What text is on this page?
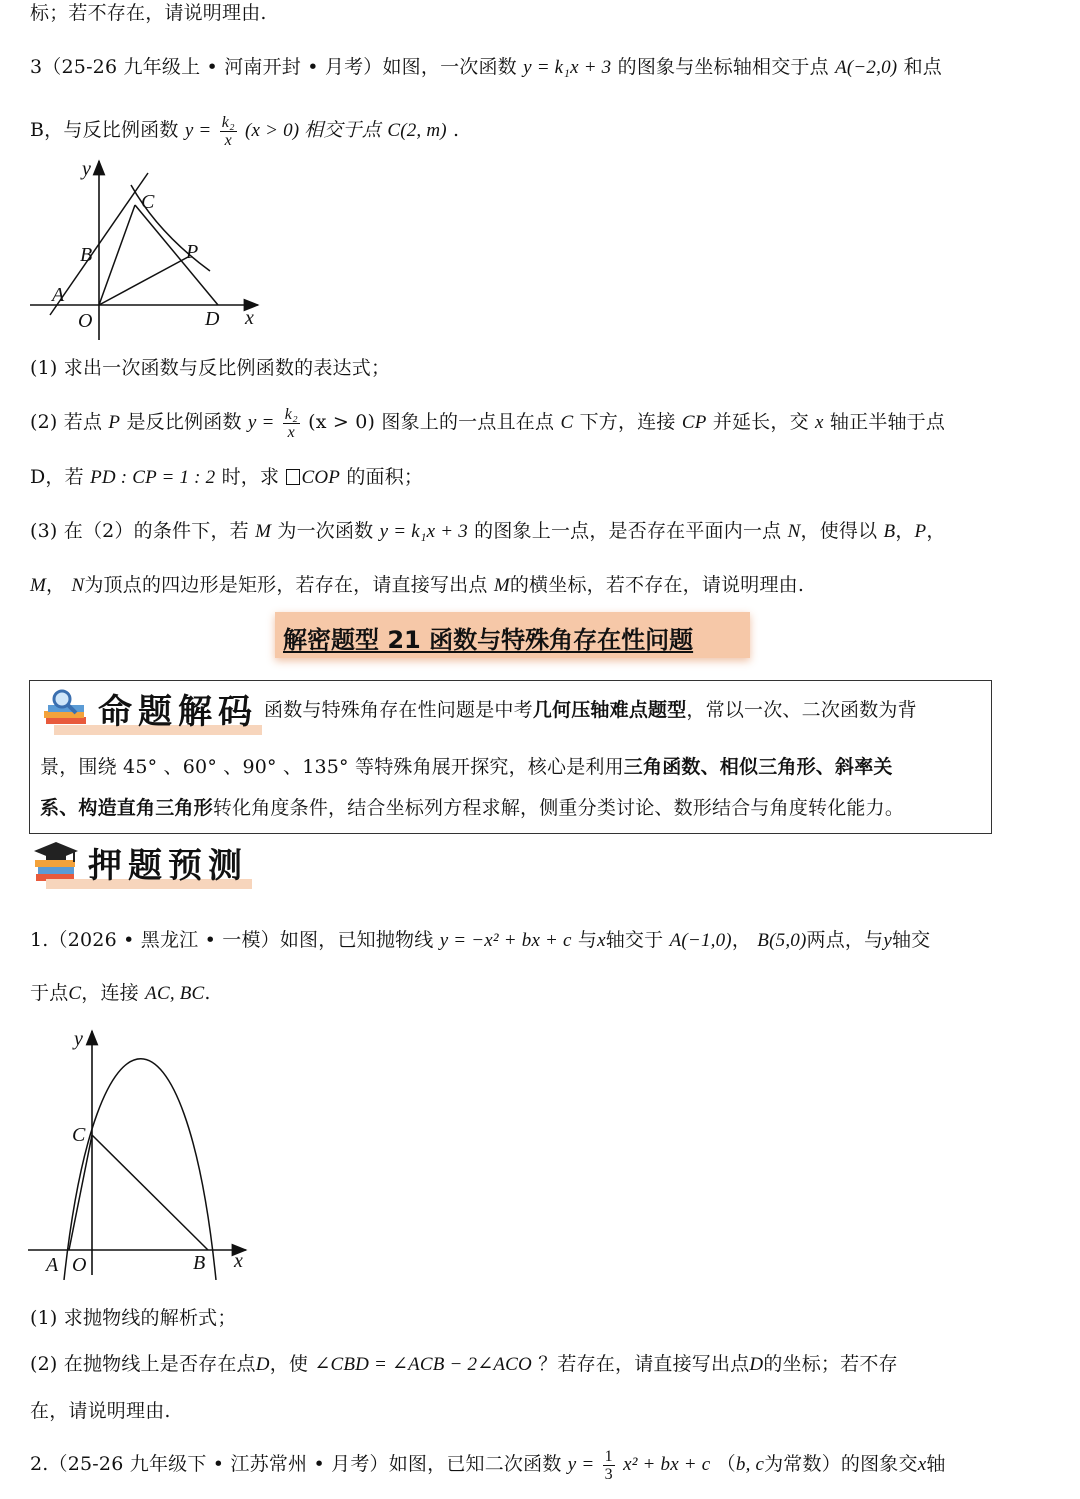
标；若不存在，请说明理由.
3（25-26 九年级上 • 河南开封 • 月考）如图，一次函数 y = k₁x + 3 的图象与坐标轴相交于点 A(−2,0) 和点
B，与反比例函数 $y = \frac{\text{k₂}}{x} (x > 0)$ 相交于点 C(2, m) .
y
x
C
B	P
A
O	D
(1) 求出一次函数与反比例函数的表达式；
(2) 若点 P 是反比例函数 $y = \frac{\text{k₂}}{x} (x > 0)$ 图象上的一点且在点 C 下方，连接 CP 并延长，交 x 轴正半轴于点
D，若 PD : CP = 1 : 2 时，求 COP 的面积；
(3) 在（2）的条件下，若 M 为一次函数 y = k₁x + 3 的图象上一点，是否存在平面内一点 N，使得以 B，P，
M， N为顶点的四边形是矩形，若存在，请直接写出点 M的横坐标，若不存在，请说明理由.
解密题型 21 函数与特殊角存在性问题
命题解码 函数与特殊角存在性问题是中考几何压轴难点题型，常以一次、二次函数为背
景，围绕 45° 、60° 、90° 、135° 等特殊角展开探究，核心是利用三角函数、相似三角形、斜率关
系、构造直角三角形转化角度条件，结合坐标列方程求解，侧重分类讨论、数形结合与角度转化能力。
押题预测
1.（2026 • 黑龙江 • 一模）如图，已知抛物线 y = −x² + bx + c 与x轴交于 A(−1,0)， B(5,0)两点，与y轴交
于点C，连接 AC, BC.
y
x
C
A O	B
(1) 求抛物线的解析式；
(2) 在抛物线上是否存在点D，使 ∠CBD = ∠ACB − 2∠ACO ？若存在，请直接写出点D的坐标；若不存
在，请说明理由.
2.（25-26 九年级下 • 江苏常州 • 月考）如图，已知二次函数 $y = \frac{1}{3} x^2$ + bx + c （b, c为常数）的图象交x轴
